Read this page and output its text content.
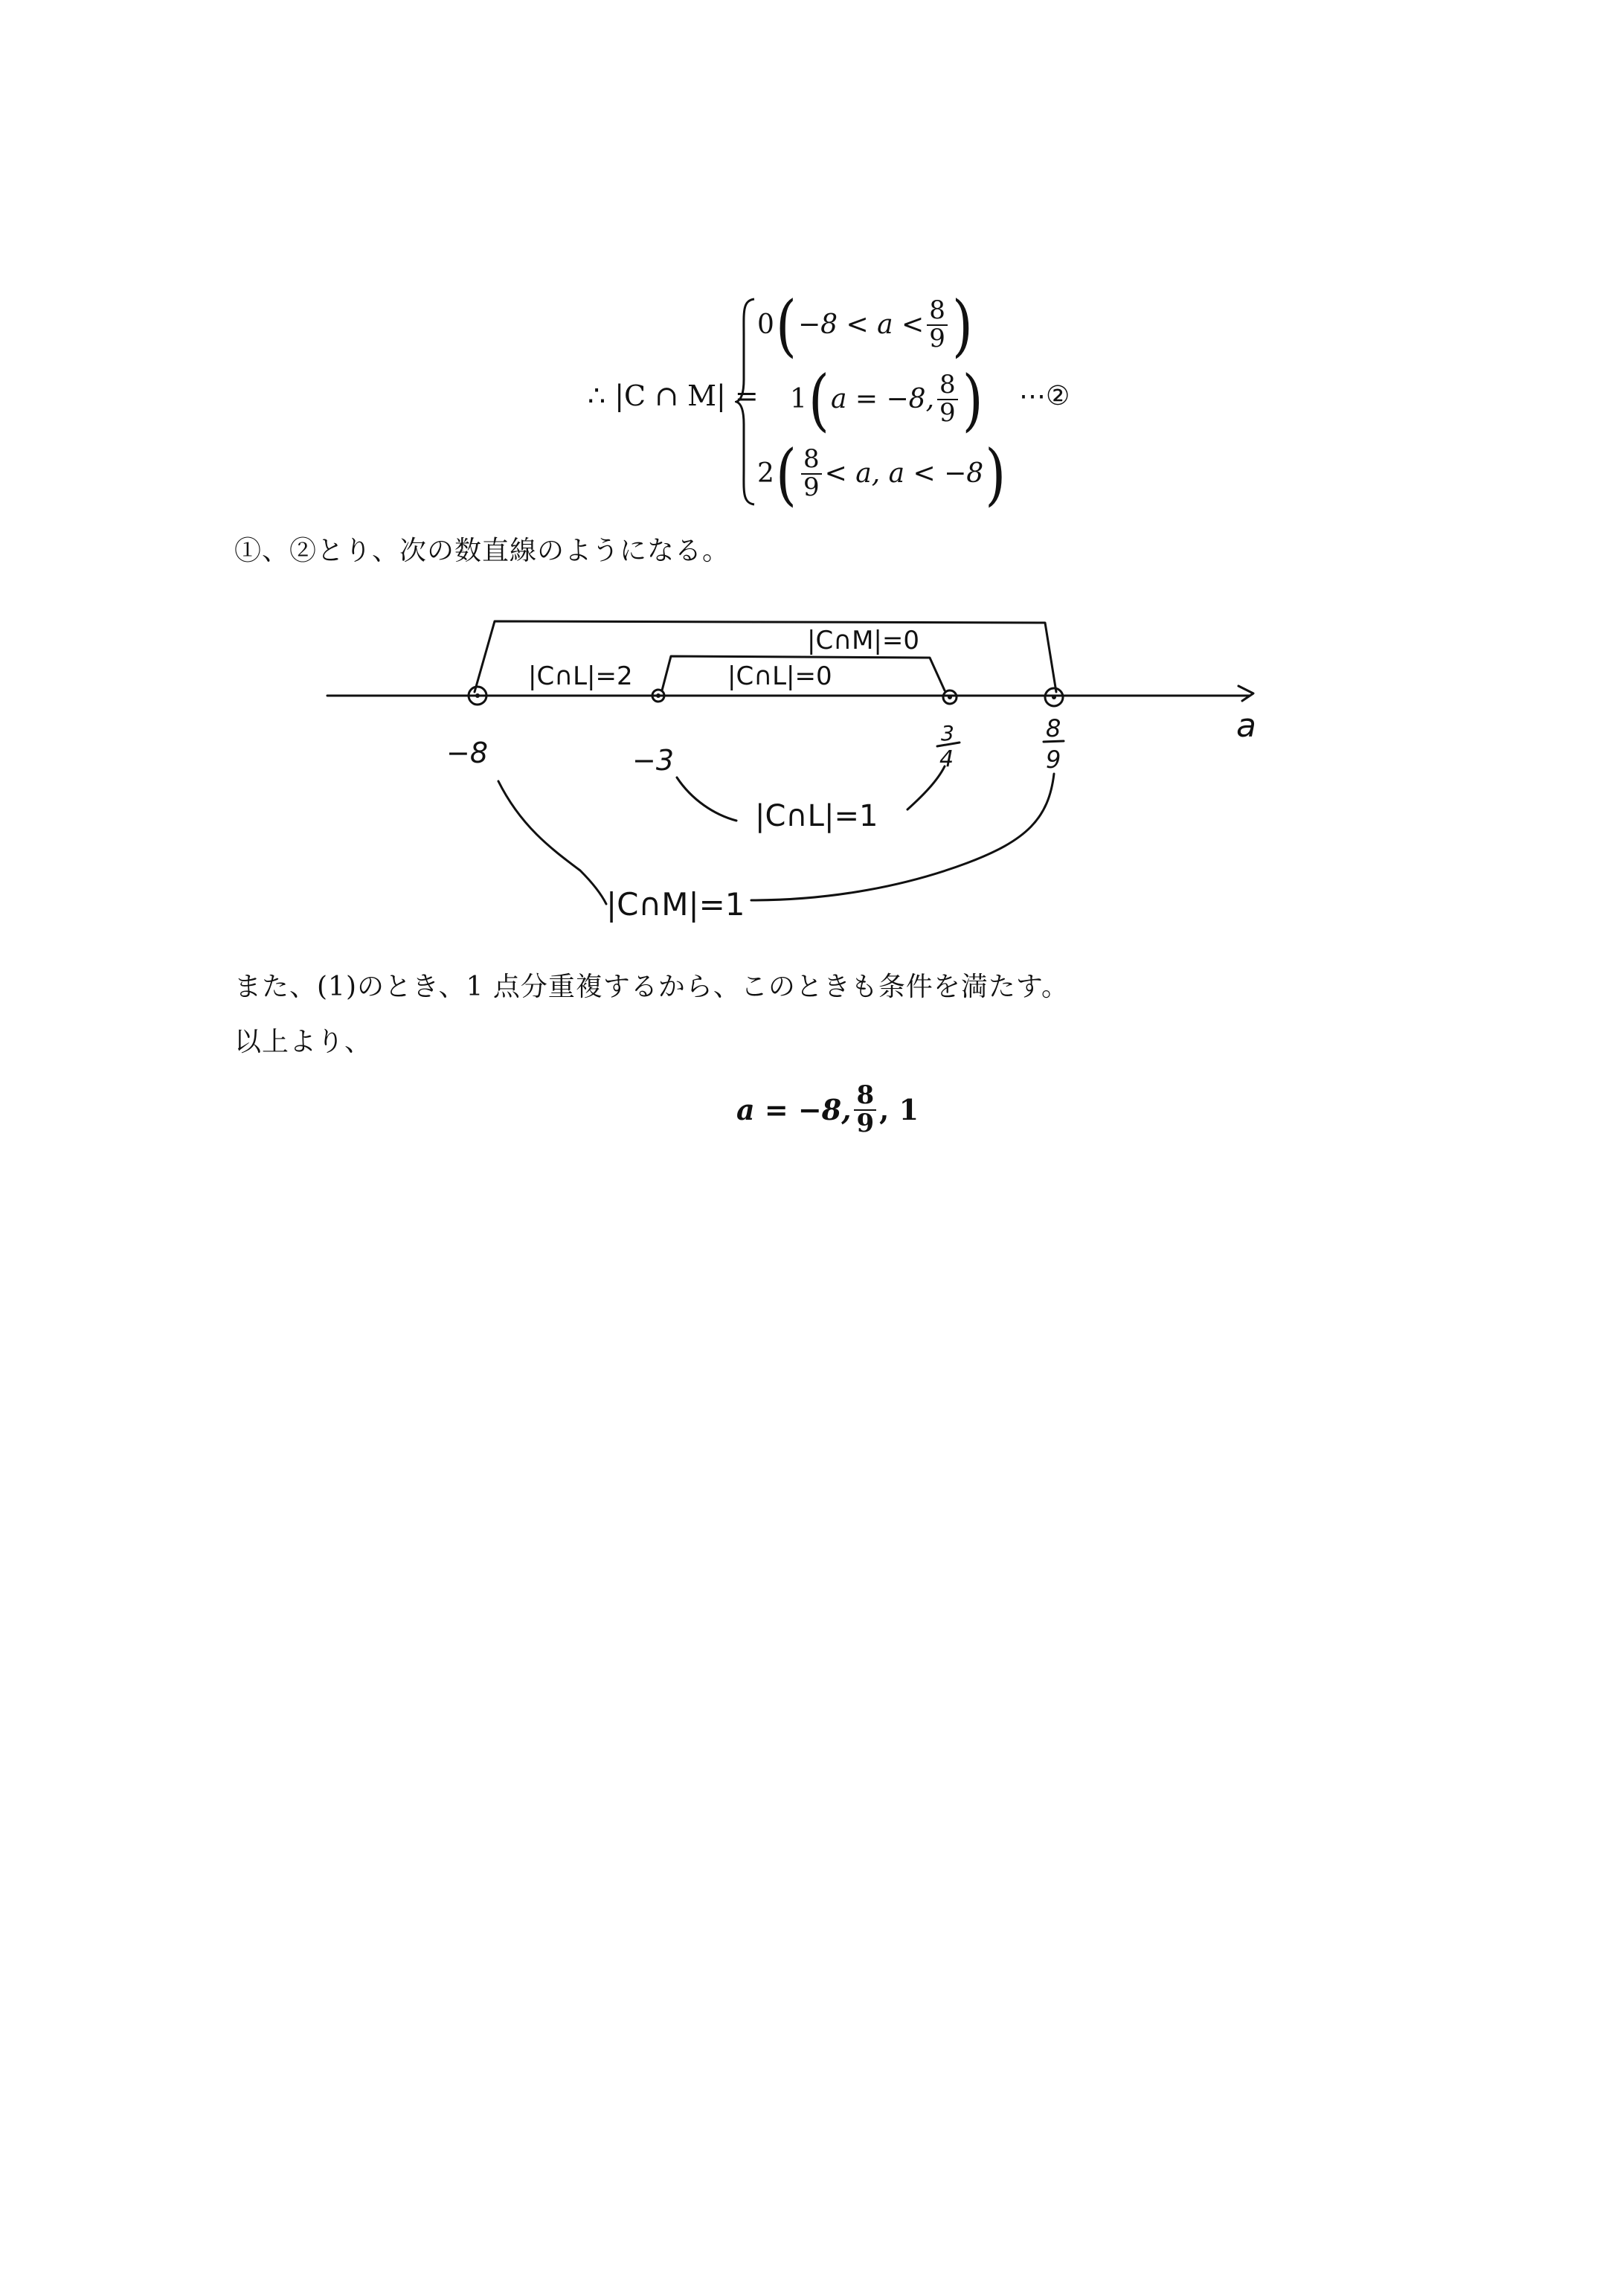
∴ |C ∩ M| =
0 ( $-8 < a < \frac{8}{9}$ )
1 ( a = −8, $\frac{8}{9}$ )
2 ( $\frac{8}{9} < a$, a < −8 )
⋯②
①、②とり、次の数直線のようになる。
−8	−3
3
4
8
9
a
|C∩M|=0
|C∩L|=2	|C∩L|=0
|C∩L|=1
|C∩M|=1
また、(1)のとき、1 点分重複するから、このときも条件を満たす。
以上より、
a = −8, $\frac{8}{9}$ , 1
